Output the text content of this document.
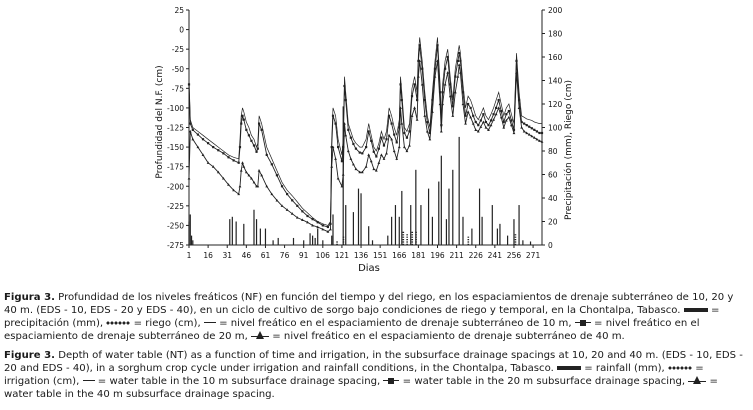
25
0
-25
-50
-75
-100
-125
-150
-175
-200
-225
-250
-275	0
20
40
60
80
100
120
140
160
180
200
1 16 31 46 61 76 91 106 121 136 151 166 181 196 211 226 241 256 271
Profundidad del N.F. (cm)	Precipitación (mm), Riego (cm)
Dias
Figura 3. Profundidad de los niveles freáticos (NF) en función del tiempo y del riego, en los espaciamientos de drenaje subterráneo de 10, 20 y 40 m. (EDS - 10, EDS - 20 y EDS - 40), en un ciclo de cultivo de sorgo bajo condiciones de riego y temporal, en la Chontalpa, Tabasco.	= precipitación (mm),	= riego (cm), = nivel freático en el espaciamiento de drenaje subterráneo de 10 m, = nivel freático en el espaciamiento de drenaje subterráneo de 20 m, = nivel freático en el espaciamiento de drenaje subterráneo de 40 m.
Figure 3. Depth of water table (NT) as a function of time and irrigation, in the subsurface drainage spacings at 10, 20 and 40 m. (EDS - 10, EDS - 20 and EDS - 40), in a sorghum crop cycle under irrigation and rainfall conditions, in the Chontalpa, Tabasco.	= rainfall (mm),	= irrigation (cm), = water table in the 10 m subsurface drainage spacing, = water table in the 20 m subsurface drainage spacing, = water table in the 40 m subsurface drainage spacing.
